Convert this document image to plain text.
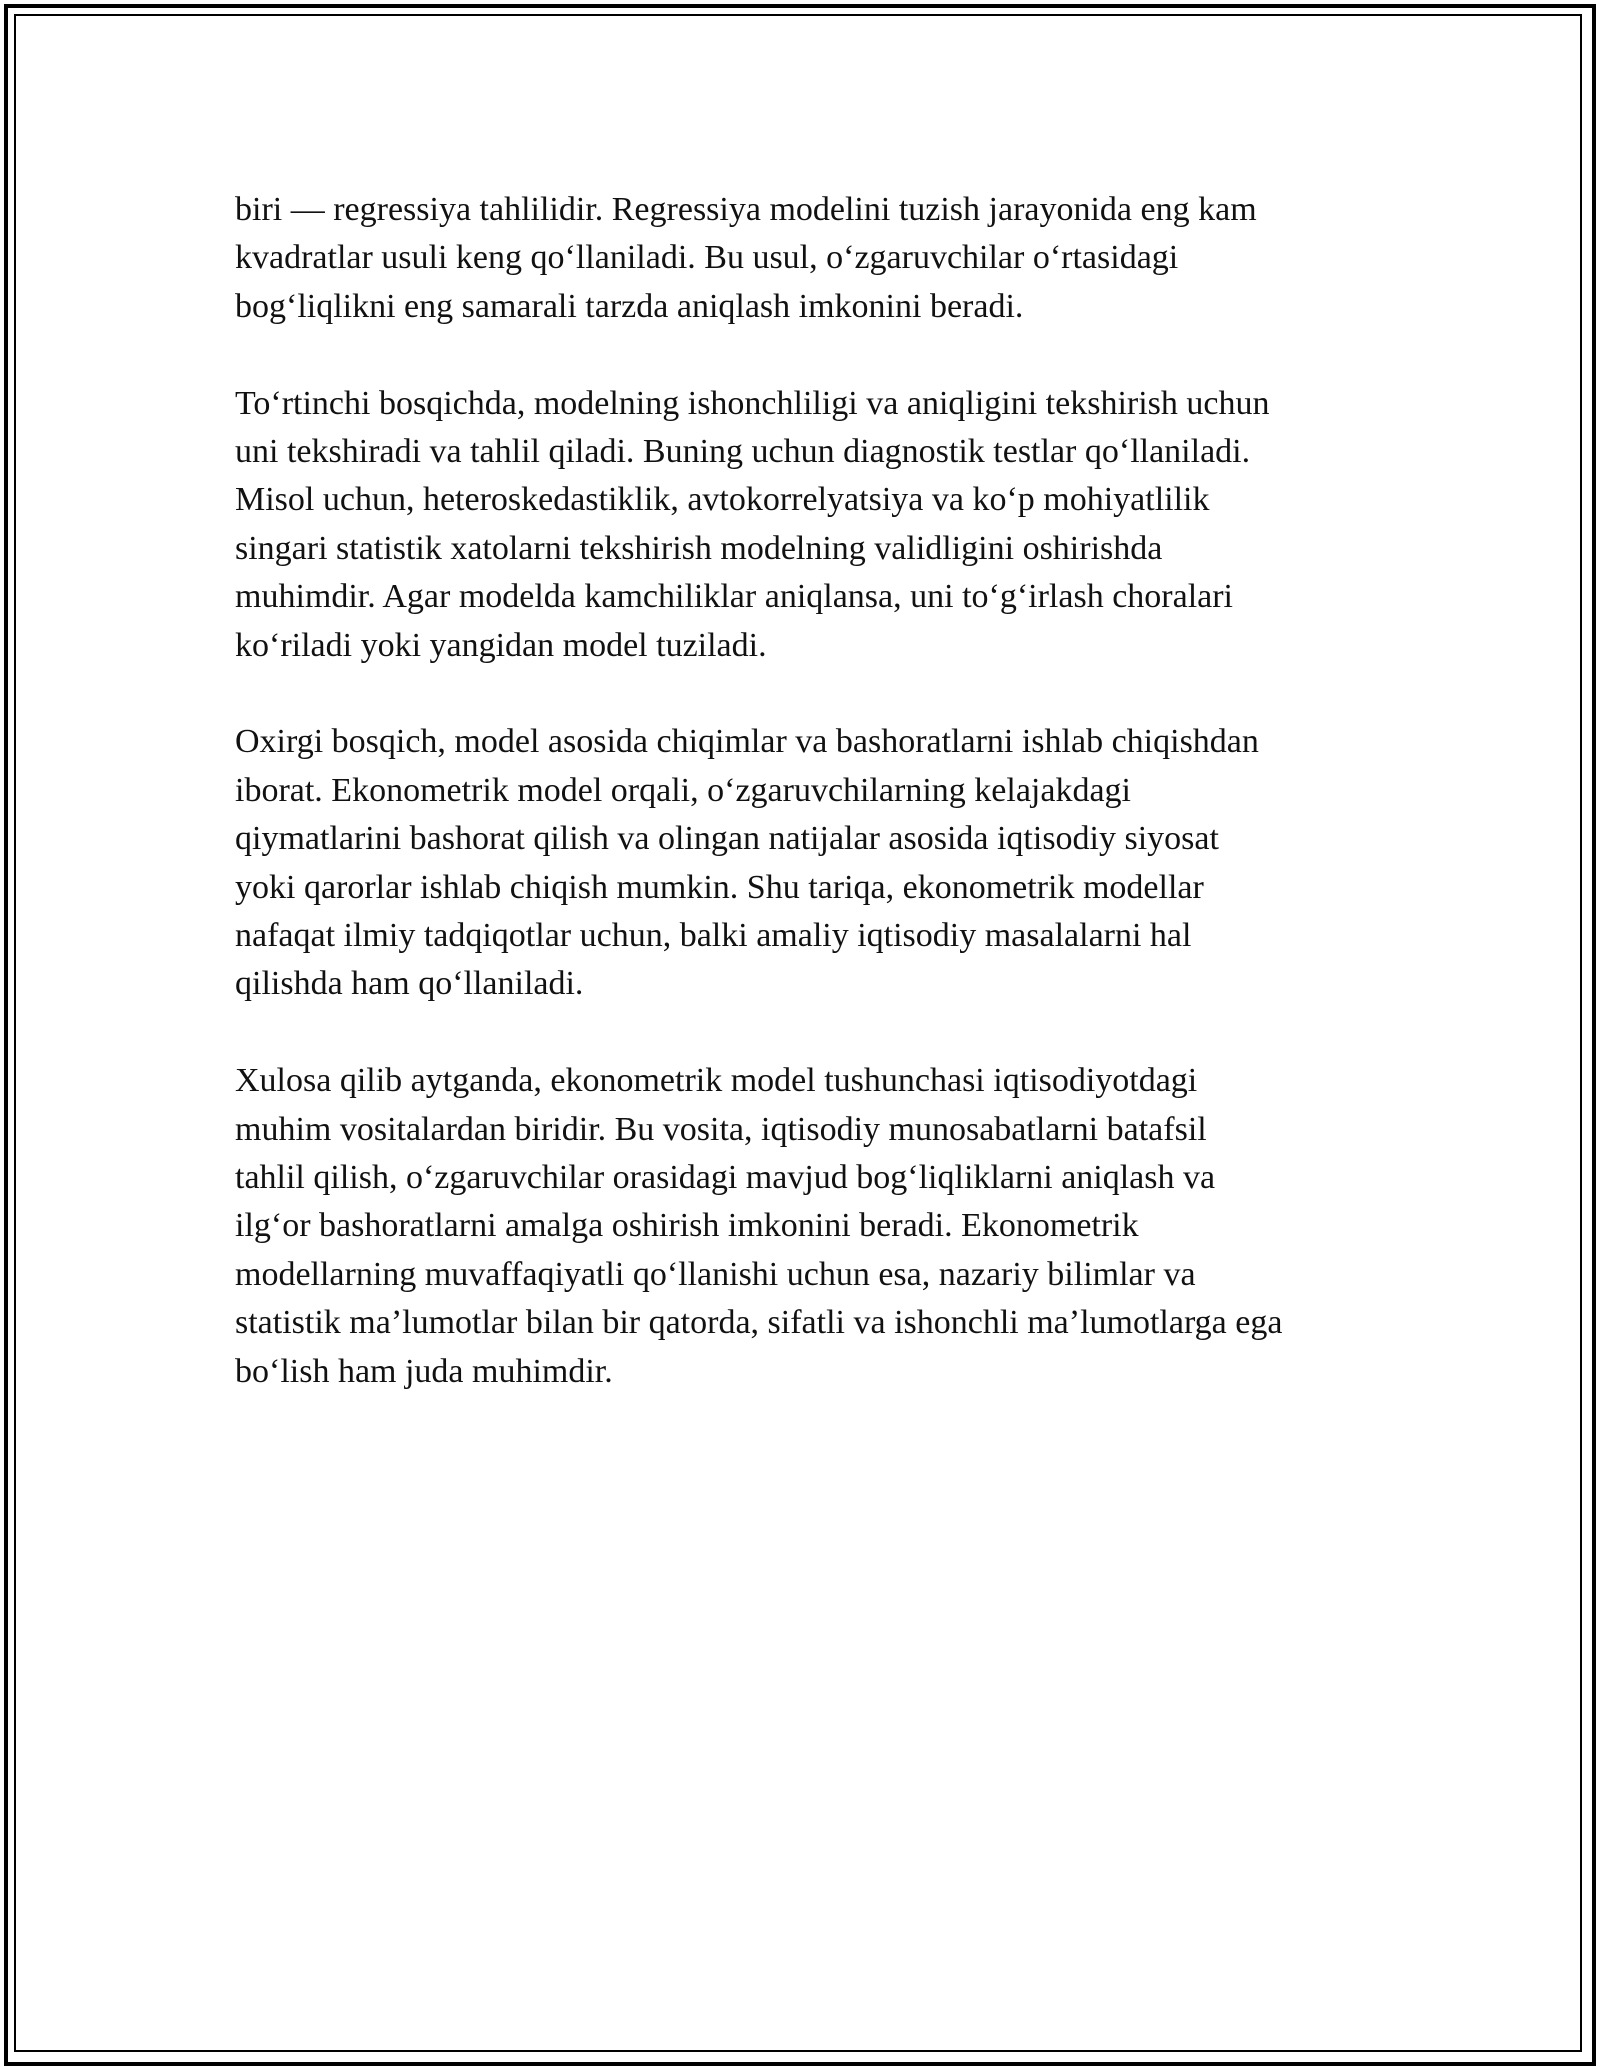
biri — regressiya tahlilidir. Regressiya modelini tuzish jarayonida eng kam
kvadratlar usuli keng qoʻllaniladi. Bu usul, oʻzgaruvchilar oʻrtasidagi
bogʻliqlikni eng samarali tarzda aniqlash imkonini beradi.

Toʻrtinchi bosqichda, modelning ishonchliligi va aniqligini tekshirish uchun
uni tekshiradi va tahlil qiladi. Buning uchun diagnostik testlar qoʻllaniladi.
Misol uchun, heteroskedastiklik, avtokorrelyatsiya va koʻp mohiyatlilik
singari statistik xatolarni tekshirish modelning validligini oshirishda
muhimdir. Agar modelda kamchiliklar aniqlansa, uni toʻgʻirlash choralari
koʻriladi yoki yangidan model tuziladi.

Oxirgi bosqich, model asosida chiqimlar va bashoratlarni ishlab chiqishdan
iborat. Ekonometrik model orqali, oʻzgaruvchilarning kelajakdagi
qiymatlarini bashorat qilish va olingan natijalar asosida iqtisodiy siyosat
yoki qarorlar ishlab chiqish mumkin. Shu tariqa, ekonometrik modellar
nafaqat ilmiy tadqiqotlar uchun, balki amaliy iqtisodiy masalalarni hal
qilishda ham qoʻllaniladi.

Xulosa qilib aytganda, ekonometrik model tushunchasi iqtisodiyotdagi
muhim vositalardan biridir. Bu vosita, iqtisodiy munosabatlarni batafsil
tahlil qilish, oʻzgaruvchilar orasidagi mavjud bogʻliqliklarni aniqlash va
ilgʻor bashoratlarni amalga oshirish imkonini beradi. Ekonometrik
modellarning muvaffaqiyatli qoʻllanishi uchun esa, nazariy bilimlar va
statistik maʼlumotlar bilan bir qatorda, sifatli va ishonchli maʼlumotlarga ega
boʻlish ham juda muhimdir.
